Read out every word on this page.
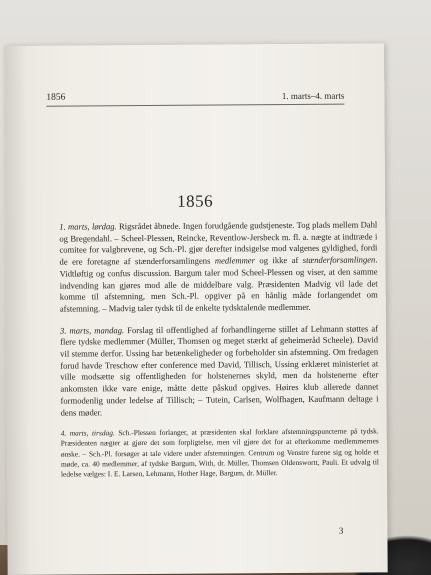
1856	1. marts–4. marts
1856

1. marts, lørdag. Rigsrådet åbnede. Ingen forudgående gudstjeneste. Tog plads mellem Dahl og Bregendahl. – Scheel-Plessen, Reincke, Reventlow-Jersbeck m. fl. a. nægte at indtræde i comitee for valgbrevene, og Sch.-Pl. gjør derefter indsigelse mod valgenes gyldighed, fordi de ere foretagne af stænderforsamlingens medlemmer og ikke af stænderforsamlingen. Vidtløftig og confus discussion. Bargum taler mod Scheel-Plessen og viser, at den samme indvending kan gjøres mod alle de middelbare valg. Præsidenten Madvig vil lade det komme til afstemning, men Sch.-Pl. opgiver på en hånlig måde forlangendet om afstemning. – Madvig taler tydsk til de enkelte tydsktalende medlemmer.

3. marts, mandag. Forslag til offentlighed af forhandlingerne stillet af Lehmann støttes af flere tydske medlemmer (Müller, Thomsen og meget stærkt af geheimeråd Scheele). David vil stemme derfor. Ussing har betænkeligheder og forbeholder sin afstemning. Om fredagen forud havde Treschow efter conference med David, Tillisch, Ussing erklæret ministeriet at ville modsætte sig offentligheden for holstenernes skyld, men da holstenerne efter ankomsten ikke vare enige, måtte dette påskud opgives. Høires klub allerede dannet formodenlig under ledelse af Tillisch; – Tutein, Carlsen, Wolfhagen, Kaufmann deltage i dens møder.

4. marts, tirsdag. Sch.-Plessen forlanger, at præsidenten skal forklare afstemningspuncterne på tydsk. Præsidenten nægter at gjøre det som forpligtelse, men vil gjøre det for at efterkomme medlemmernes ønske. – Sch.-Pl. forsøger at tale videre under afstemningen. Centrum og Venstre furene sig og holde et møde, ca. 40 medlemmer, af tydske Bargum, With, dr. Müller, Thomsen Oldenswortt, Pauli. Et udvalg til ledelse vælges: I. E. Larsen, Lehmann, Hother Hage, Bargum, dr. Müller.

3
